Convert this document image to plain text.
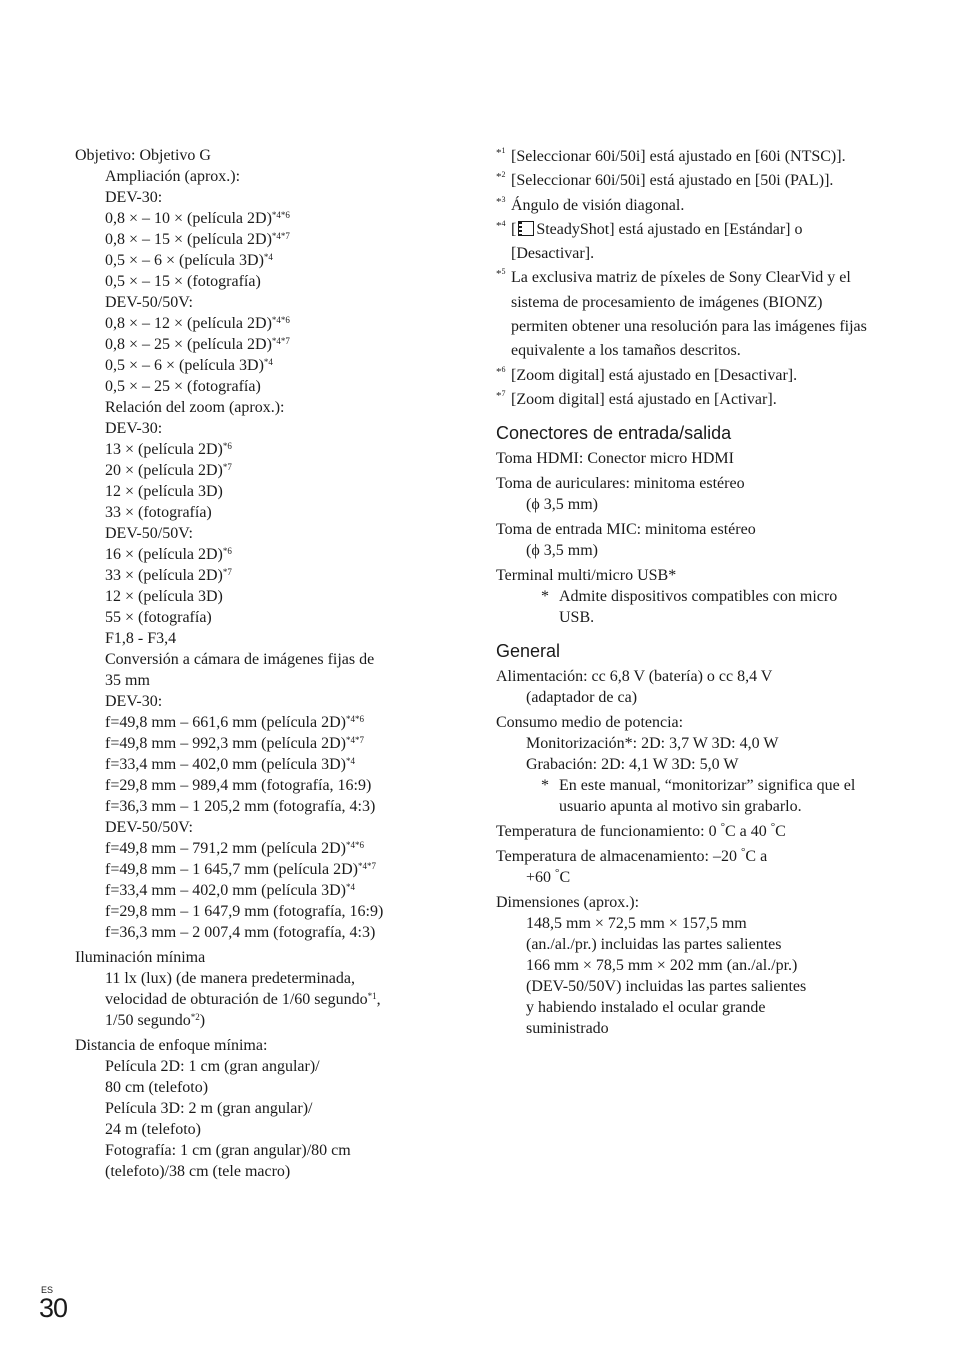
Objetivo: Objetivo G
Ampliación (aprox.):
DEV-30:
0,8 × – 10 × (película 2D)$^{*4*6}$
0,8 × – 15 × (película 2D)$^{*4*7}$
0,5 × – 6 × (película 3D)$^{*4}$
0,5 × – 15 × (fotografía)
DEV-50/50V:
0,8 × – 12 × (película 2D)$^{*4*6}$
0,8 × – 25 × (película 2D)$^{*4*7}$
0,5 × – 6 × (película 3D)$^{*4}$
0,5 × – 25 × (fotografía)
Relación del zoom (aprox.):
DEV-30:
13 × (película 2D)$^{*6}$
20 × (película 2D)$^{*7}$
12 × (película 3D)
33 × (fotografía)
DEV-50/50V:
16 × (película 2D)$^{*6}$
33 × (película 2D)$^{*7}$
12 × (película 3D)
55 × (fotografía)
F1,8 - F3,4
Conversión a cámara de imágenes fijas de
35 mm
DEV-30:
f=49,8 mm – 661,6 mm (película 2D)$^{*4*6}$
f=49,8 mm – 992,3 mm (película 2D)$^{*4*7}$
f=33,4 mm – 402,0 mm (película 3D)$^{*4}$
f=29,8 mm – 989,4 mm (fotografía, 16:9)
f=36,3 mm – 1 205,2 mm (fotografía, 4:3)
DEV-50/50V:
f=49,8 mm – 791,2 mm (película 2D)$^{*4*6}$
f=49,8 mm – 1 645,7 mm (película 2D)$^{*4*7}$
f=33,4 mm – 402,0 mm (película 3D)$^{*4}$
f=29,8 mm – 1 647,9 mm (fotografía, 16:9)
f=36,3 mm – 2 007,4 mm (fotografía, 4:3)
Iluminación mínima
11 lx (lux) (de manera predeterminada,
velocidad de obturación de 1/60 segundo$^{*1}$,
1/50 segundo$^{*2}$)
Distancia de enfoque mínima:
Película 2D: 1 cm (gran angular)/
80 cm (telefoto)
Película 3D: 2 m (gran angular)/
24 m (telefoto)
Fotografía: 1 cm (gran angular)/80 cm
(telefoto)/38 cm (tele macro)
*$^1$ [Seleccionar 60i/50i] está ajustado en [60i (NTSC)].
*$^2$ [Seleccionar 60i/50i] está ajustado en [50i (PAL)].
*$^3$ Ángulo de visión diagonal.
*$^4$ [ SteadyShot] está ajustado en [Estándar] o [Desactivar].
*$^5$ La exclusiva matriz de píxeles de Sony ClearVid y el sistema de procesamiento de imágenes (BIONZ) permiten obtener una resolución para las imágenes fijas equivalente a los tamaños descritos.
*$^6$ [Zoom digital] está ajustado en [Desactivar].
*$^7$ [Zoom digital] está ajustado en [Activar].
Conectores de entrada/salida
Toma HDMI: Conector micro HDMI
Toma de auriculares: minitoma estéreo
(ϕ 3,5 mm)
Toma de entrada MIC: minitoma estéreo
(ϕ 3,5 mm)
Terminal multi/micro USB*
* Admite dispositivos compatibles con micro USB.
General
Alimentación: cc 6,8 V (batería) o cc 8,4 V
(adaptador de ca)
Consumo medio de potencia:
Monitorización*: 2D: 3,7 W 3D: 4,0 W
Grabación: 2D: 4,1 W 3D: 5,0 W
* En este manual, “monitorizar” significa que el usuario apunta al motivo sin grabarlo.
Temperatura de funcionamiento: 0 °C a 40 °C
Temperatura de almacenamiento: –20 °C a
+60 °C
Dimensiones (aprox.):
148,5 mm × 72,5 mm × 157,5 mm
(an./al./pr.) incluidas las partes salientes
166 mm × 78,5 mm × 202 mm (an./al./pr.)
(DEV-50/50V) incluidas las partes salientes
y habiendo instalado el ocular grande
suministrado
ES
30
